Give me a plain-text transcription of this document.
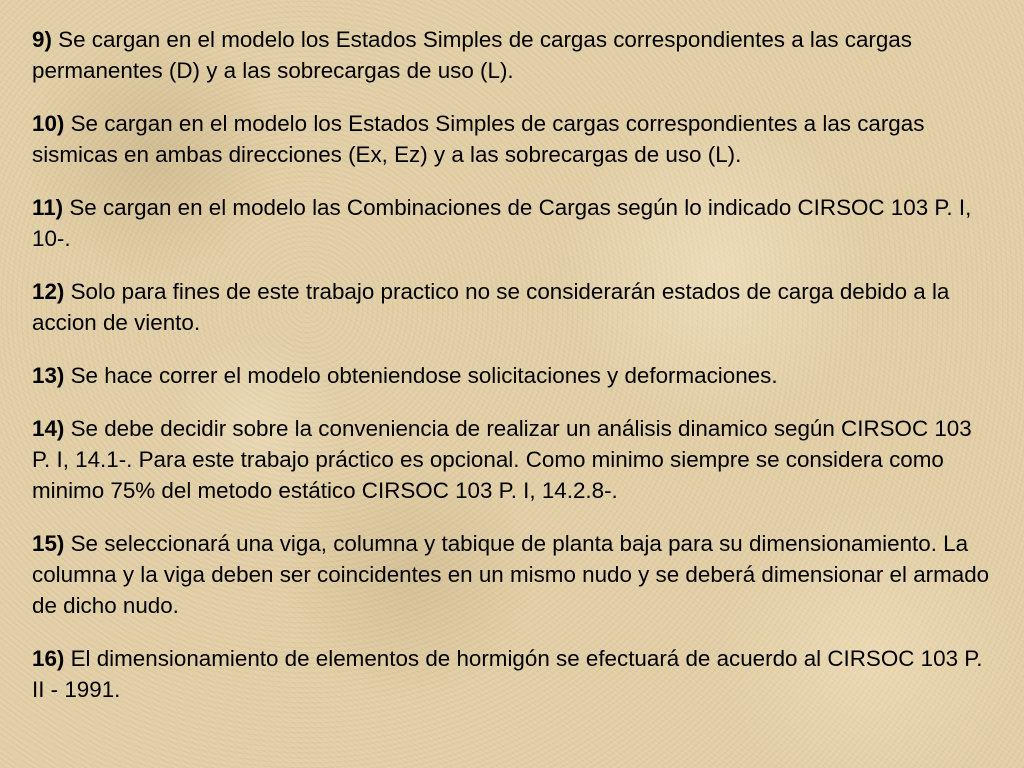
9) Se cargan en el modelo los Estados Simples de cargas correspondientes a las cargas permanentes (D) y a las sobrecargas de uso (L).

10) Se cargan en el modelo los Estados Simples de cargas correspondientes a las cargas sismicas en ambas direcciones (Ex, Ez) y a las sobrecargas de uso (L).

11) Se cargan en el modelo las Combinaciones de Cargas según lo indicado CIRSOC 103 P. I, 10-.

12) Solo para fines de este trabajo practico no se considerarán estados de carga debido a la accion de viento.

13) Se hace correr el modelo obteniendose solicitaciones y deformaciones.

14) Se debe decidir sobre la conveniencia de realizar un análisis dinamico según CIRSOC 103 P. I, 14.1-. Para este trabajo práctico es opcional. Como minimo siempre se considera como minimo 75% del metodo estático CIRSOC 103 P. I, 14.2.8-.

15) Se seleccionará una viga, columna y tabique de planta baja para su dimensionamiento. La columna y la viga deben ser coincidentes en un mismo nudo y se deberá dimensionar el armado de dicho nudo.

16) El dimensionamiento de elementos de hormigón se efectuará de acuerdo al CIRSOC 103 P. II - 1991.
